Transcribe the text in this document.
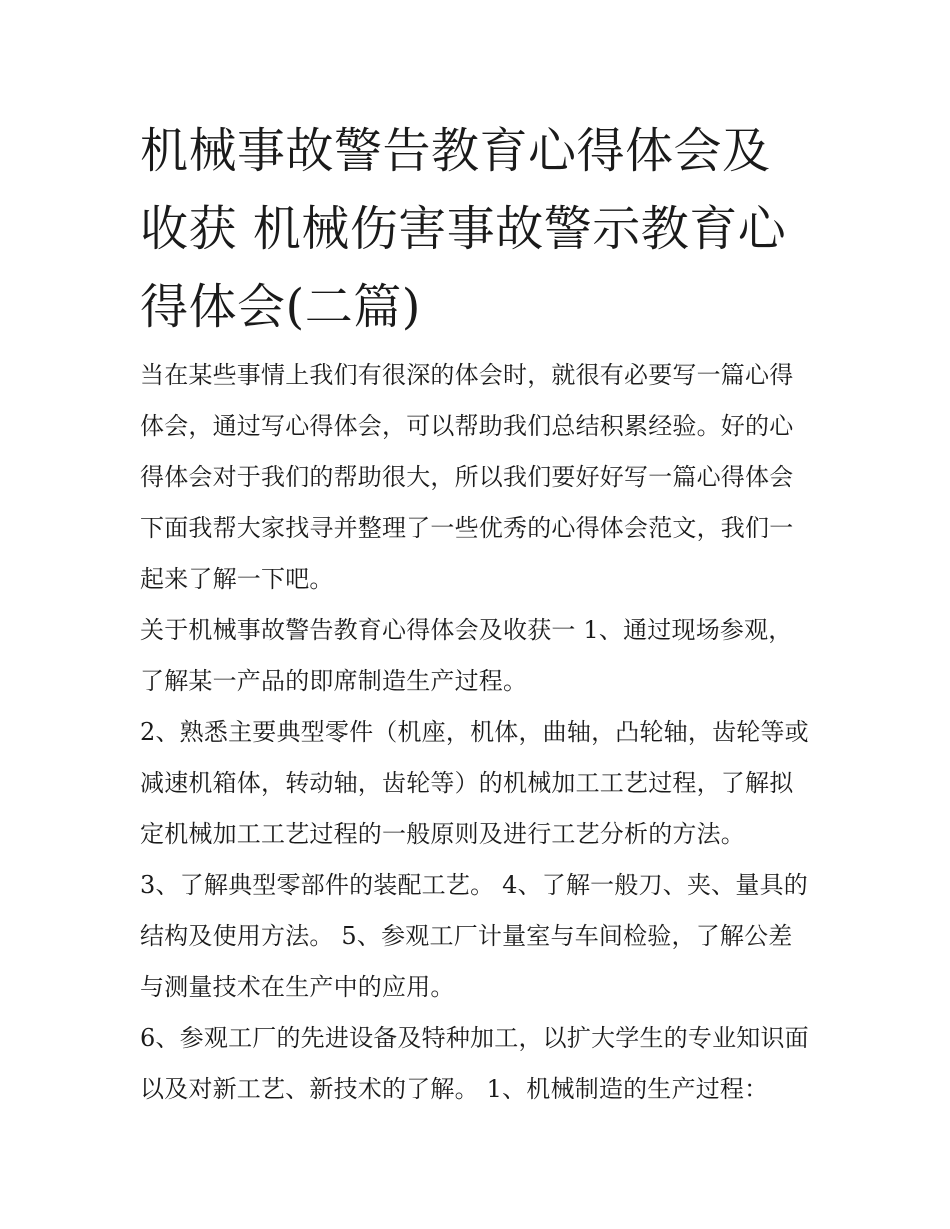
机械事故警告教育心得体会及收获 机械伤害事故警示教育心得体会(二篇)

当在某些事情上我们有很深的体会时，就很有必要写一篇心得体会，通过写心得体会，可以帮助我们总结积累经验。好的心得体会对于我们的帮助很大，所以我们要好好写一篇心得体会下面我帮大家找寻并整理了一些优秀的心得体会范文，我们一起来了解一下吧。

关于机械事故警告教育心得体会及收获一 1、通过现场参观，了解某一产品的即席制造生产过程。

2、熟悉主要典型零件（机座，机体，曲轴，凸轮轴，齿轮等或减速机箱体，转动轴，齿轮等）的机械加工工艺过程，了解拟定机械加工工艺过程的一般原则及进行工艺分析的方法。

3、了解典型零部件的装配工艺。 4、了解一般刀、夹、量具的结构及使用方法。 5、参观工厂计量室与车间检验，了解公差与测量技术在生产中的应用。

6、参观工厂的先进设备及特种加工，以扩大学生的专业知识面以及对新工艺、新技术的了解。 1、机械制造的生产过程：
